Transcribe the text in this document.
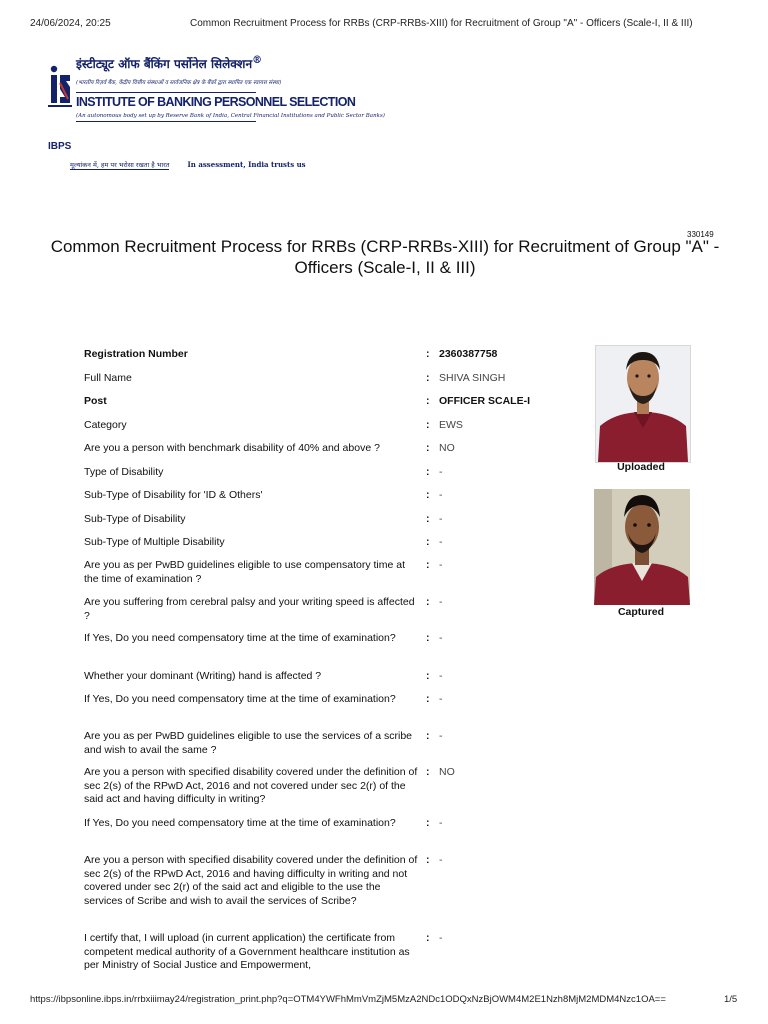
24/06/2024, 20:25	Common Recruitment Process for RRBs (CRP-RRBs-XIII) for Recruitment of Group "A" - Officers (Scale-I, II & III)
IBPS
इंस्टीट्यूट ऑफ बैंकिंग पर्सोनेल सिलेक्शन®
(भारतीय रिज़र्व बैंक, केंद्रीय वित्तीय संस्थाओं व सार्वजनिक क्षेत्र के बैंकों द्वारा स्थापित एक स्वायत्त संस्था)
INSTITUTE OF BANKING PERSONNEL SELECTION
(An autonomous body set up by Reserve Bank of India, Central Financial Institutions and Public Sector Banks)
मूल्यांकन में, हम पर भरोसा रखता है भारत	In assessment, India trusts us
330149
Common Recruitment Process for RRBs (CRP-RRBs-XIII) for Recruitment of Group "A" - Officers (Scale-I, II & III)
Registration Number	: 2360387758
Full Name	: SHIVA SINGH
Post	: OFFICER SCALE-I
Category	: EWS
Are you a person with benchmark disability of 40% and above ?	: NO
Type of Disability	: -
Sub-Type of Disability for 'ID & Others'	: -
Sub-Type of Disability	: -
Sub-Type of Multiple Disability	: -
Are you as per PwBD guidelines eligible to use compensatory time at the time of examination ?
: -
Are you suffering from cerebral palsy and your writing speed is affected ?
: -
If Yes, Do you need compensatory time at the time of examination?	: -
Whether your dominant (Writing) hand is affected ?	: -
If Yes, Do you need compensatory time at the time of examination?	: -
Are you as per PwBD guidelines eligible to use the services of a scribe and wish to avail the same ?
: -
Are you a person with specified disability covered under the definition of sec 2(s) of the RPwD Act, 2016 and not covered under sec 2(r) of the said act and having difficulty in writing?
: NO
If Yes, Do you need compensatory time at the time of examination?	: -
Are you a person with specified disability covered under the definition of sec 2(s) of the RPwD Act, 2016 and having difficulty in writing and not covered under sec 2(r) of the said act and eligible to the use the services of Scribe and wish to avail the services of Scribe?
: -
I certify that, I will upload (in current application) the certificate from competent medical authority of a Government healthcare institution as per Ministry of Social Justice and Empowerment,
: -
Uploaded
Captured
https://ibpsonline.ibps.in/rrbxiiimay24/registration_print.php?q=OTM4YWFhMmVmZjM5MzA2NDc1ODQxNzBjOWM4M2E1Nzh8MjM2MDM4Nzc1OA==	1/5
